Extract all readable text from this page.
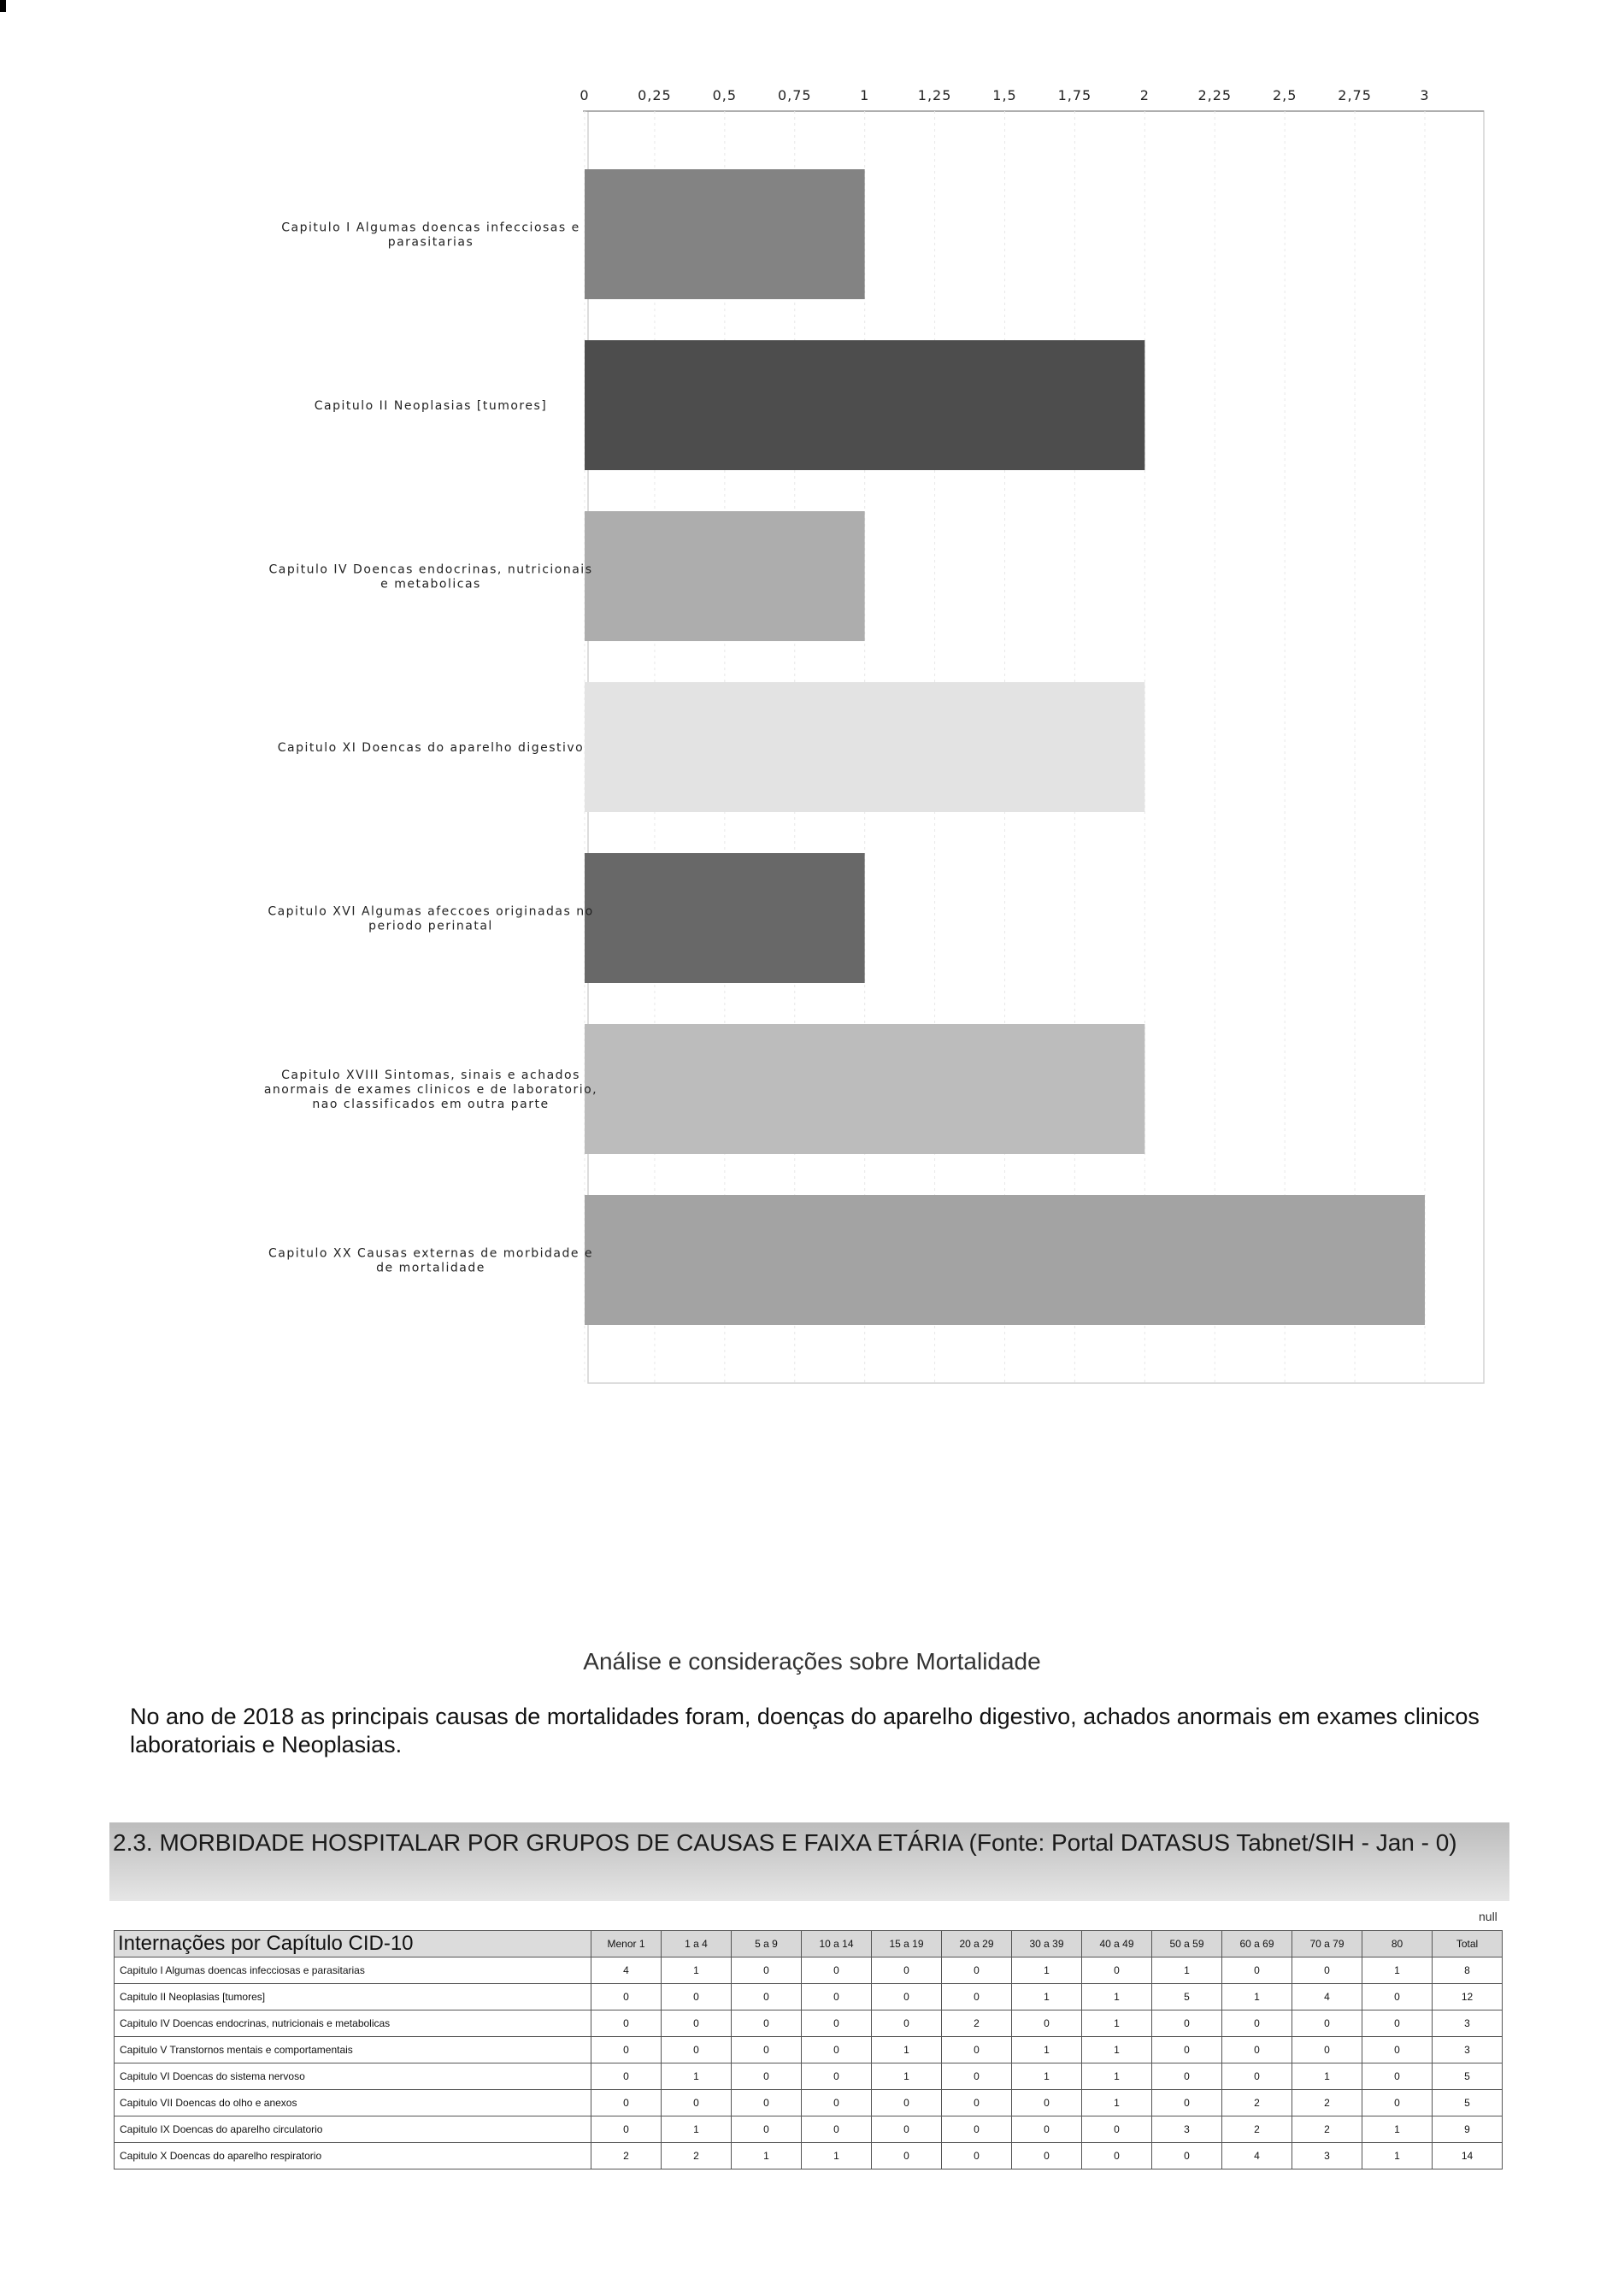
0	0,25	0,5	0,75	1	1,25	1,5	1,75	2	2,25	2,5	2,75	3
Capitulo I Algumas doencas infecciosas e
parasitarias
Capitulo II Neoplasias [tumores]
Capitulo IV Doencas endocrinas, nutricionais
e metabolicas
Capitulo XI Doencas do aparelho digestivo
Capitulo XVI Algumas afeccoes originadas no
periodo perinatal
Capitulo XVIII Sintomas, sinais e achados
anormais de exames clinicos e de laboratorio,
nao classificados em outra parte
Capitulo XX Causas externas de morbidade e
de mortalidade
Análise e considerações sobre Mortalidade
No ano de 2018 as principais causas de mortalidades foram, doenças do aparelho digestivo, achados anormais em exames clinicos laboratoriais e Neoplasias.
2.3. MORBIDADE HOSPITALAR POR GRUPOS DE CAUSAS E FAIXA ETÁRIA (Fonte: Portal DATASUS Tabnet/SIH - Jan - 0)
null
Internações por Capítulo CID-10	Menor 1	1 a 4	5 a 9	10 a 14	15 a 19	20 a 29	30 a 39	40 a 49	50 a 59	60 a 69	70 a 79	80	Total
Capitulo I Algumas doencas infecciosas e parasitarias	4	1	0	0	0	0	1	0	1	0	0	1	8
Capitulo II Neoplasias [tumores]	0	0	0	0	0	0	1	1	5	1	4	0	12
Capitulo IV Doencas endocrinas, nutricionais e metabolicas	0	0	0	0	0	2	0	1	0	0	0	0	3
Capitulo V Transtornos mentais e comportamentais	0	0	0	0	1	0	1	1	0	0	0	0	3
Capitulo VI Doencas do sistema nervoso	0	1	0	0	1	0	1	1	0	0	1	0	5
Capitulo VII Doencas do olho e anexos	0	0	0	0	0	0	0	1	0	2	2	0	5
Capitulo IX Doencas do aparelho circulatorio	0	1	0	0	0	0	0	0	3	2	2	1	9
Capitulo X Doencas do aparelho respiratorio	2	2	1	1	0	0	0	0	0	4	3	1	14
